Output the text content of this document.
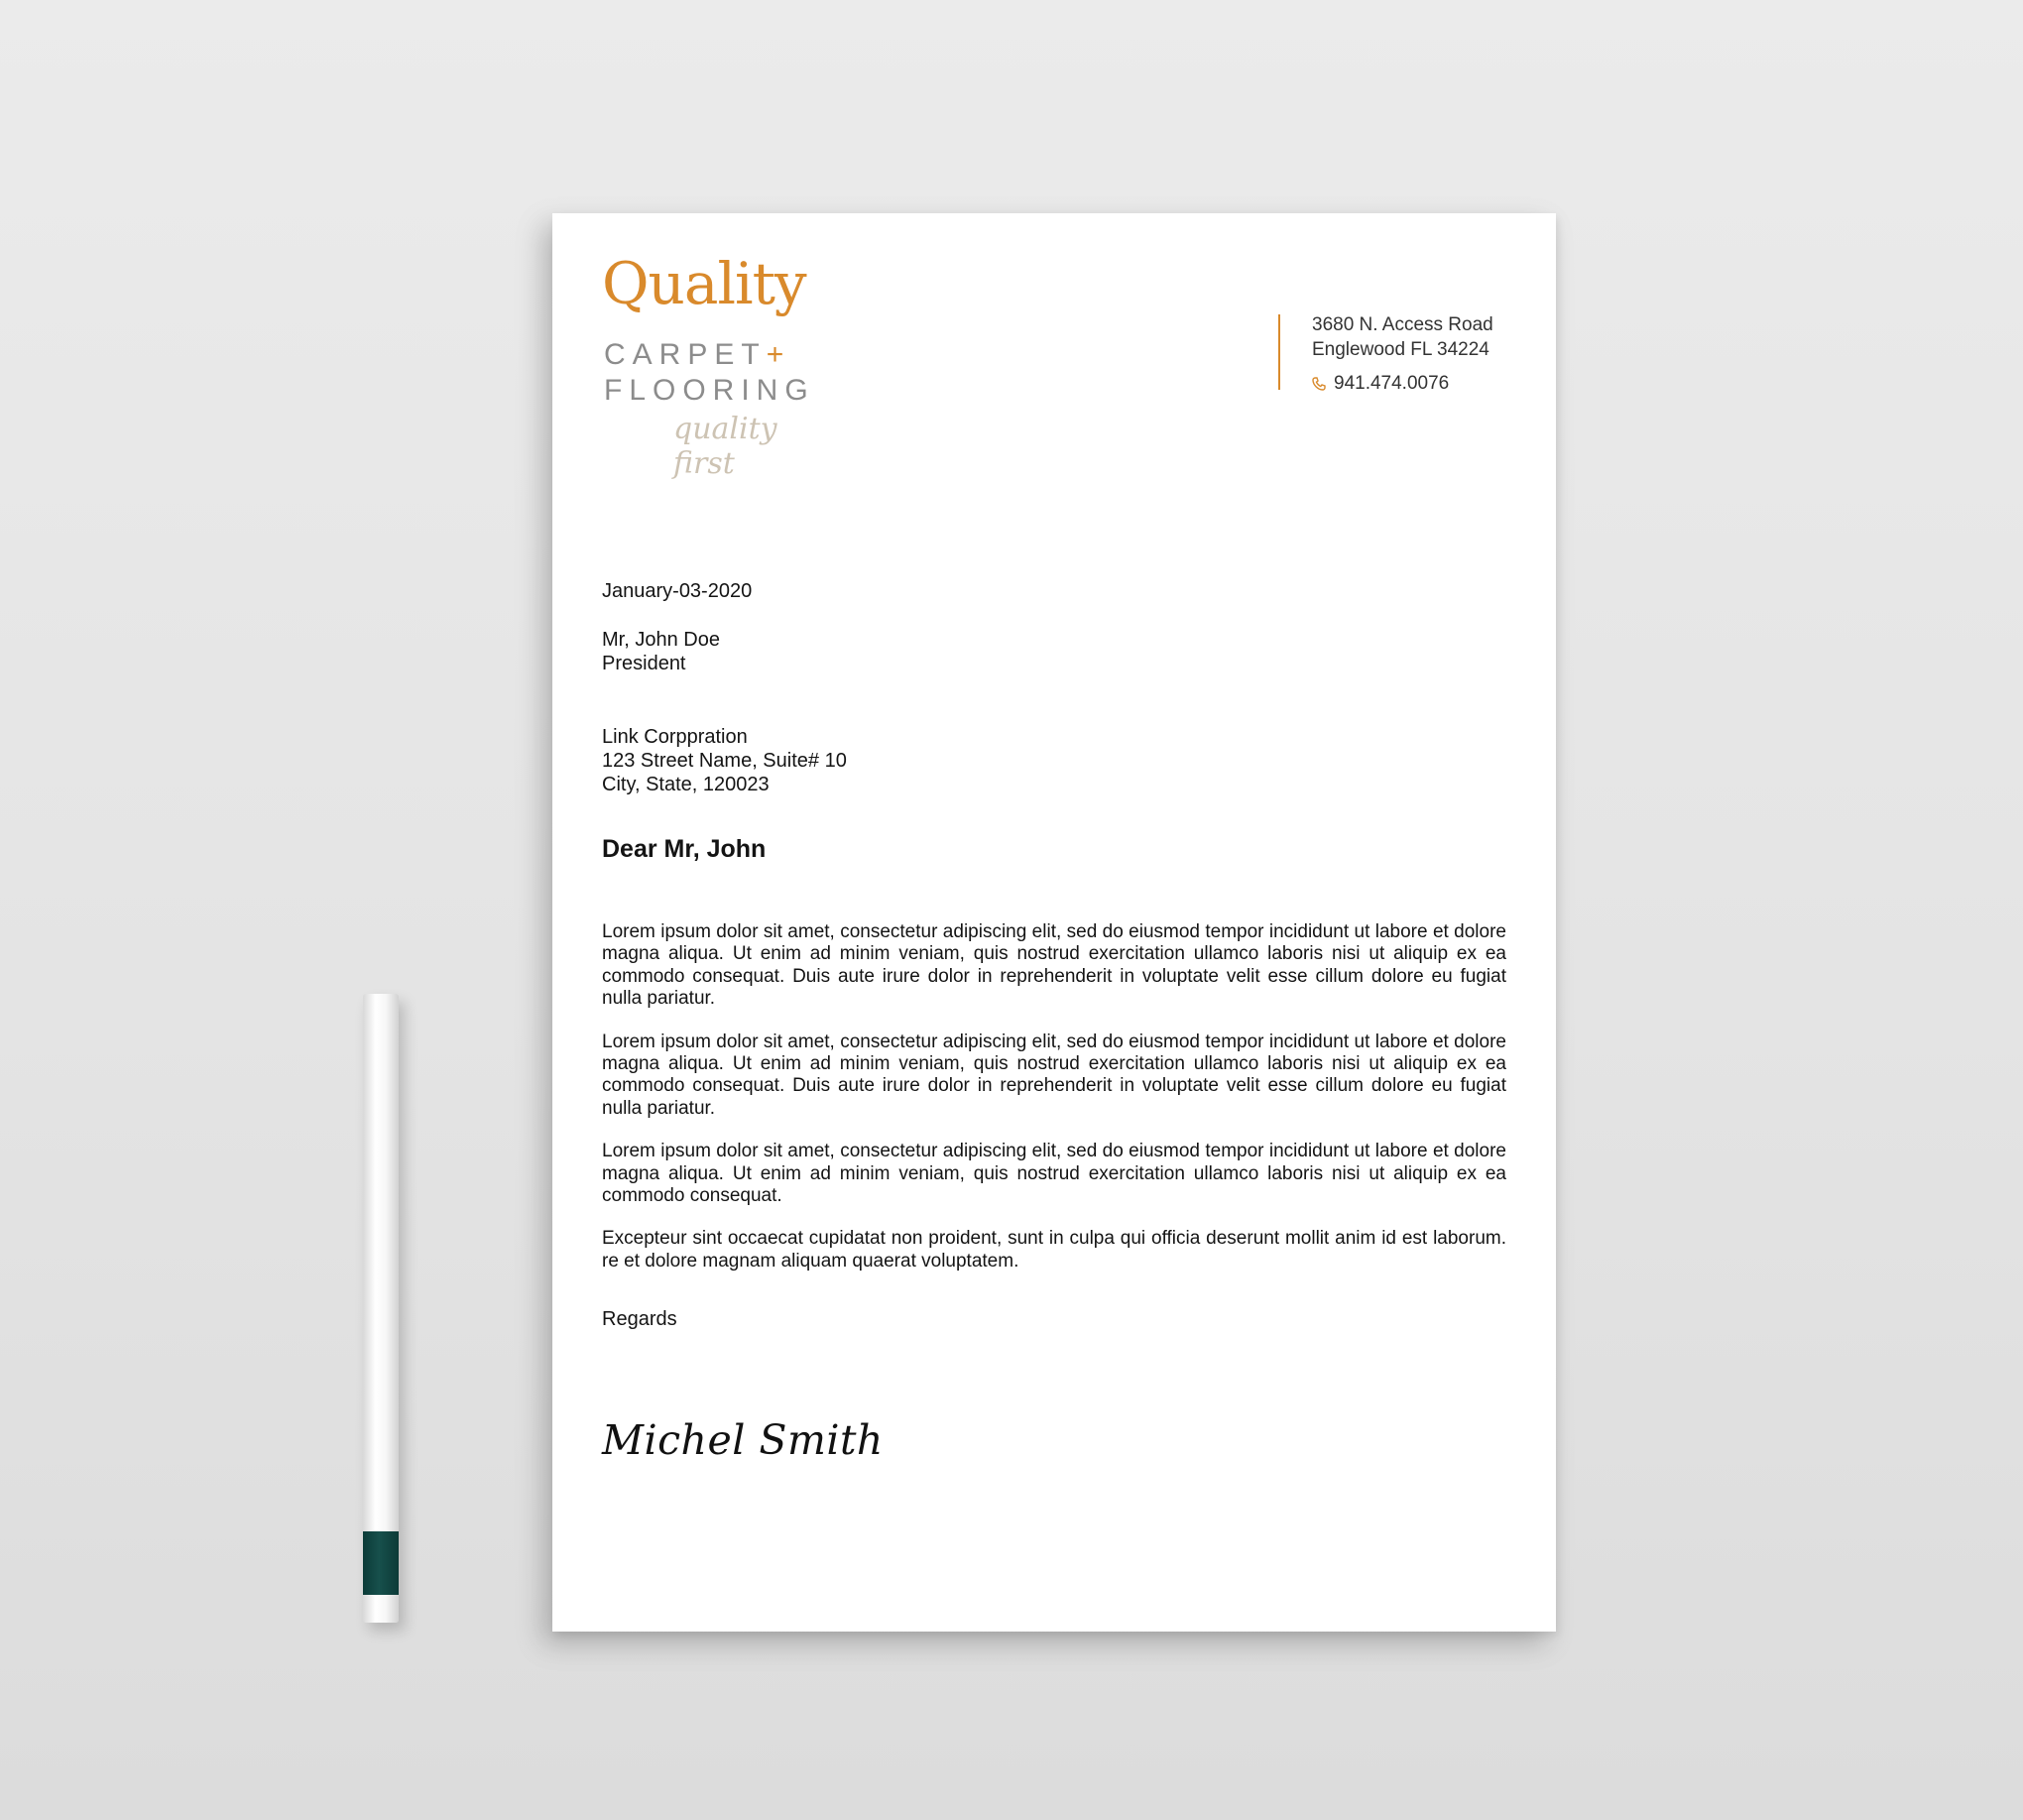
Quality
CARPET+
FLOORING
quality first
3680 N. Access Road
Englewood FL 34224
941.474.0076
January-03-2020
Mr, John Doe
President
Link Corppration
123 Street Name, Suite# 10
City, State, 120023
Dear Mr, John

Lorem ipsum dolor sit amet, consectetur adipiscing elit, sed do eiusmod tempor incididunt ut labore et dolore magna aliqua. Ut enim ad minim veniam, quis nostrud exercitation ullamco laboris nisi ut aliquip ex ea commodo consequat. Duis aute irure dolor in reprehenderit in voluptate velit esse cillum dolore eu fugiat nulla pariatur.

Lorem ipsum dolor sit amet, consectetur adipiscing elit, sed do eiusmod tempor incididunt ut labore et dolore magna aliqua. Ut enim ad minim veniam, quis nostrud exercitation ullamco laboris nisi ut aliquip ex ea commodo consequat. Duis aute irure dolor in reprehenderit in voluptate velit esse cillum dolore eu fugiat nulla pariatur.

Lorem ipsum dolor sit amet, consectetur adipiscing elit, sed do eiusmod tempor incididunt ut labore et dolore magna aliqua. Ut enim ad minim veniam, quis nostrud exercitation ullamco laboris nisi ut aliquip ex ea commodo consequat.

Excepteur sint occaecat cupidatat non proident, sunt in culpa qui officia deserunt mollit anim id est laborum. re et dolore magnam aliquam quaerat voluptatem.

Regards
Michel Smith
